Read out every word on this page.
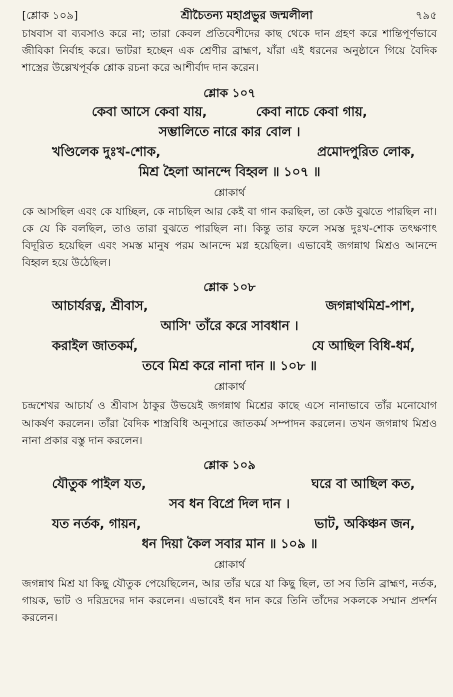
[শ্লোক ১০৯]	শ্রীচৈতন্য মহাপ্রভুর জন্মলীলা	৭৯৫

চাষবাস বা ব্যবসাও করে না; তারা কেবল প্রতিবেশীদের কাছ থেকে দান গ্রহণ করে শান্তিপূর্ণভাবে জীবিকা নির্বাহ করে। ভাটরা হচ্ছেন এক শ্রেণীর ব্রাহ্মণ, যাঁরা এই ধরনের অনুষ্ঠানে গিয়ে বৈদিক শাস্ত্রের উল্লেখপূর্বক শ্লোক রচনা করে আশীর্বাদ দান করেন।

শ্লোক ১০৭
কেবা আসে কেবা যায়,           কেবা নাচে কেবা গায়,
সম্ভালিতে নারে কার বোল ।
খণ্ডিলেক দুঃখ-শোক,	প্রমোদপুরিত লোক,
মিশ্র হৈলা আনন্দে বিহ্বল ॥ ১০৭ ॥
শ্লোকার্থ

কে আসছিল এবং কে যাচ্ছিল, কে নাচছিল আর কেই বা গান করছিল, তা কেউ বুঝতে পারছিল না। কে যে কি বলছিল, তাও তারা বুঝতে পারছিল না। কিন্তু তার ফলে সমস্ত দুঃখ-শোক তৎক্ষণাৎ বিদূরিত হয়েছিল এবং সমস্ত মানুষ পরম আনন্দে মগ্ন হয়েছিল। এভাবেই জগন্নাথ মিশ্রও আনন্দে বিহ্বল হয়ে উঠেছিল।

শ্লোক ১০৮
আচার্যরত্ন, শ্রীবাস,	জগন্নাথমিশ্র-পাশ,
আসি' তাঁরে করে সাবধান ।
করাইল জাতকর্ম,	যে আছিল বিধি-ধর্ম,
তবে মিশ্র করে নানা দান ॥ ১০৮ ॥
শ্লোকার্থ

চন্দ্রশেখর আচার্য ও শ্রীবাস ঠাকুর উভয়েই জগন্নাথ মিশ্রের কাছে এসে নানাভাবে তাঁর মনোযোগ আকর্ষণ করলেন। তাঁরা বৈদিক শাস্ত্রবিধি অনুসারে জাতকর্ম সম্পাদন করলেন। তখন জগন্নাথ মিশ্রও নানা প্রকার বস্তু দান করলেন।

শ্লোক ১০৯
যৌতুক পাইল যত,	ঘরে বা আছিল কত,
সব ধন বিপ্রে দিল দান ।
যত নর্তক, গায়ন,	ভাট, অকিঞ্চন জন,
ধন দিয়া কৈল সবার মান ॥ ১০৯ ॥
শ্লোকার্থ

জগন্নাথ মিশ্র যা কিছু যৌতুক পেয়েছিলেন, আর তাঁর ঘরে যা কিছু ছিল, তা সব তিনি ব্রাহ্মণ, নর্তক, গায়ক, ভাট ও দরিদ্রদের দান করলেন। এভাবেই ধন দান করে তিনি তাঁদের সকলকে সম্মান প্রদর্শন করলেন।
